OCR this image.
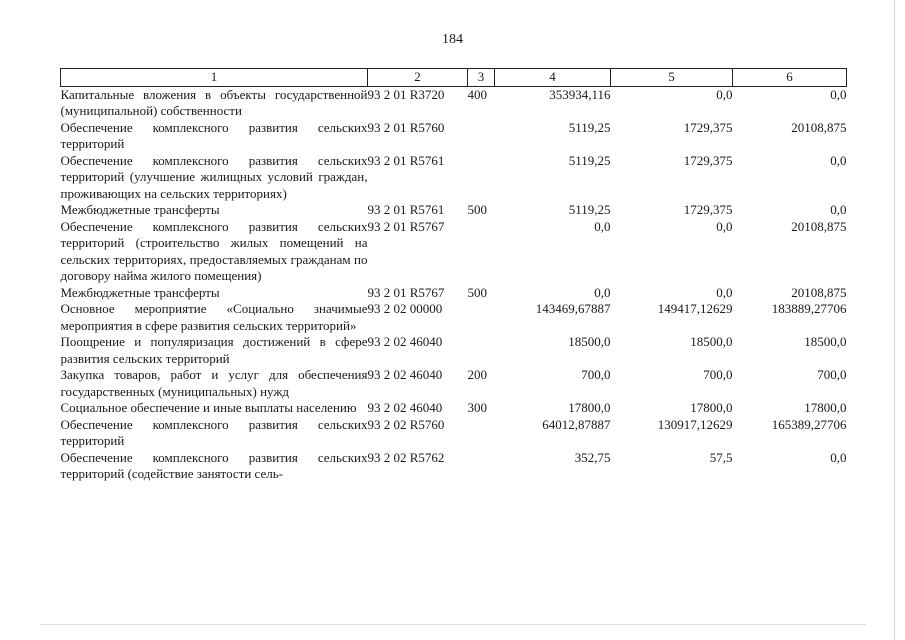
184
1	2	3	4	5	6
Капитальные вложения в объекты государственной (муниципальной) собственности	93 2 01 R3720	400	353934,116	0,0	0,0
Обеспечение комплексного развития сельских территорий	93 2 01 R5760		5119,25	1729,375	20108,875
Обеспечение комплексного развития сельских территорий (улучшение жилищных условий граждан, проживающих на сельских территориях)	93 2 01 R5761		5119,25	1729,375	0,0
Межбюджетные трансферты	93 2 01 R5761	500	5119,25	1729,375	0,0
Обеспечение комплексного развития сельских территорий (строительство жилых помещений на сельских территориях, предоставляемых гражданам по договору найма жилого помещения)	93 2 01 R5767		0,0	0,0	20108,875
Межбюджетные трансферты	93 2 01 R5767	500	0,0	0,0	20108,875
Основное мероприятие «Социально значимые мероприятия в сфере развития сельских территорий»	93 2 02 00000		143469,67887	149417,12629	183889,27706
Поощрение и популяризация достижений в сфере развития сельских территорий	93 2 02 46040		18500,0	18500,0	18500,0
Закупка товаров, работ и услуг для обеспечения государственных (муниципальных) нужд	93 2 02 46040	200	700,0	700,0	700,0
Социальное обеспечение и иные выплаты населению	93 2 02 46040	300	17800,0	17800,0	17800,0
Обеспечение комплексного развития сельских территорий	93 2 02 R5760		64012,87887	130917,12629	165389,27706
Обеспечение комплексного развития сельских территорий (содействие занятости сель-	93 2 02 R5762		352,75	57,5	0,0
